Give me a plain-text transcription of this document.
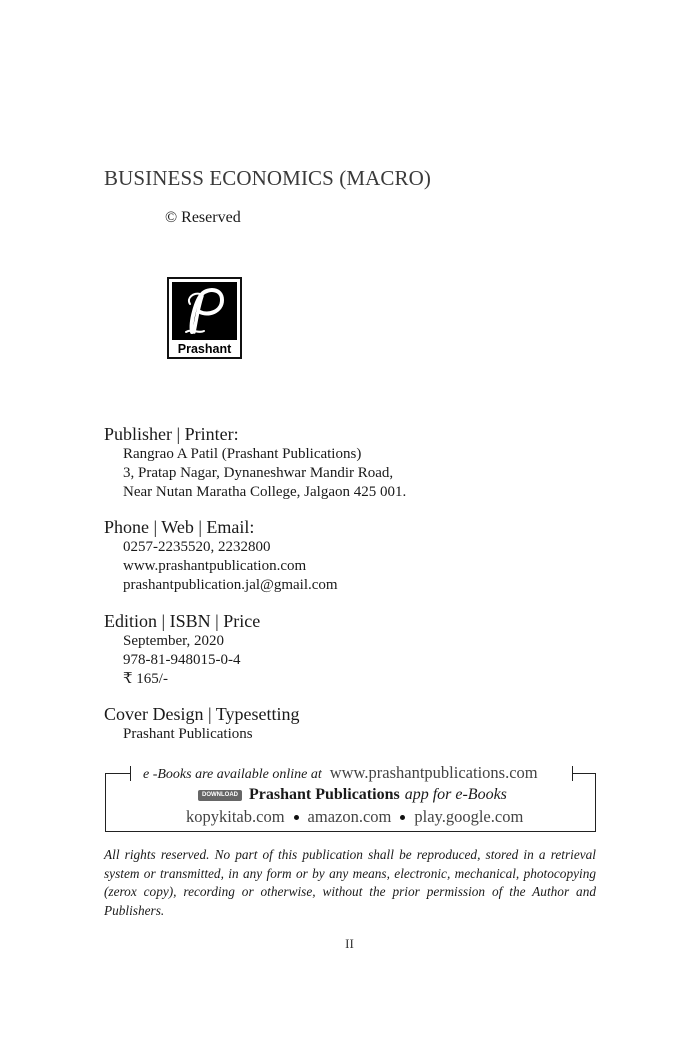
BUSINESS ECONOMICS (MACRO)
© Reserved
Prashant
Publisher | Printer:
Rangrao A Patil (Prashant Publications)
3, Pratap Nagar, Dynaneshwar Mandir Road,
Near Nutan Maratha College, Jalgaon 425 001.
Phone | Web | Email:
0257-2235520, 2232800
www.prashantpublication.com
prashantpublication.jal@gmail.com
Edition | ISBN | Price
September, 2020
978-81-948015-0-4
₹ 165/-
Cover Design | Typesetting
Prashant Publications
e -Books are available online at www.prashantpublications.com
DOWNLOAD Prashant Publications app for e-Books
kopykitab.com amazon.com play.google.com
All rights reserved. No part of this publication shall be reproduced, stored in a retrieval system or transmitted, in any form or by any means, electronic, mechanical, photocopying (zerox copy), recording or otherwise, without the prior permission of the Author and Publishers.
II
